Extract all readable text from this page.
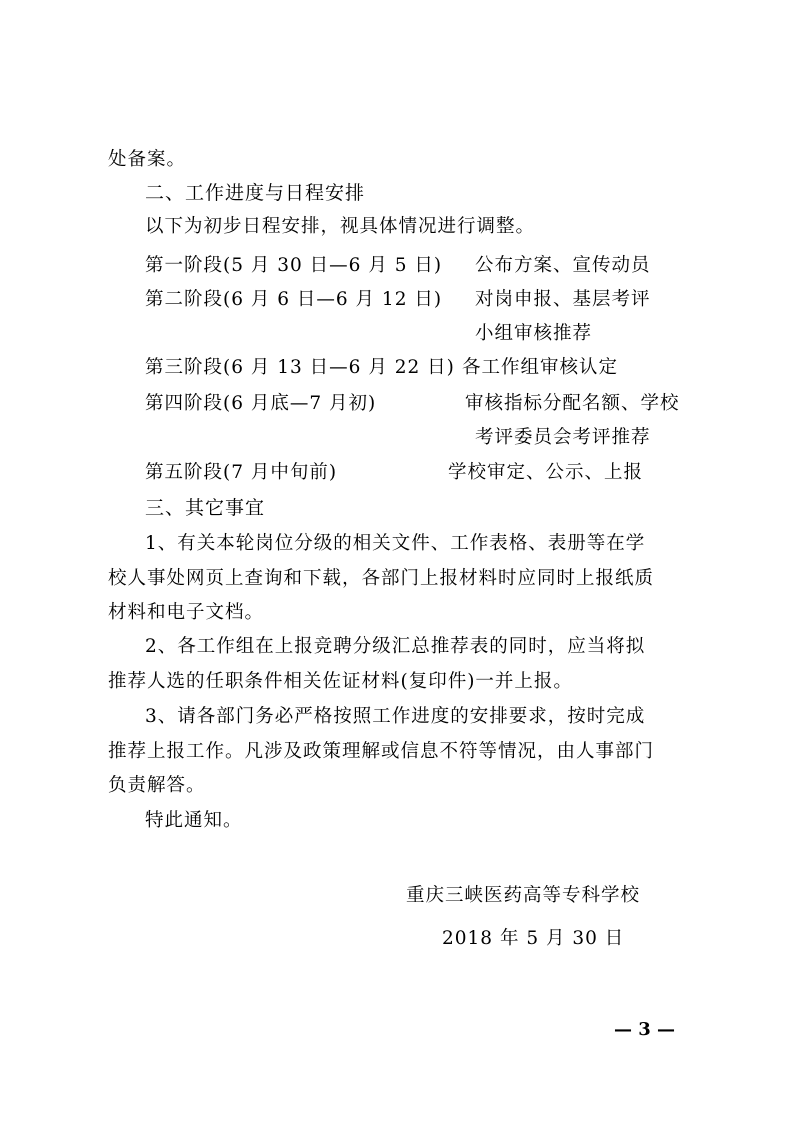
处备案。
二、工作进度与日程安排
以下为初步日程安排，视具体情况进行调整。
第一阶段(5 月 30 日—6 月 5 日) 公布方案、宣传动员
第二阶段(6 月 6 日—6 月 12 日) 对岗申报、基层考评
小组审核推荐
第三阶段(6 月 13 日—6 月 22 日) 各工作组审核认定
第四阶段(6 月底—7 月初)	审核指标分配名额、学校
考评委员会考评推荐
第五阶段(7 月中旬前)	学校审定、公示、上报
三、其它事宜
1、有关本轮岗位分级的相关文件、工作表格、表册等在学
校人事处网页上查询和下载，各部门上报材料时应同时上报纸质
材料和电子文档。
2、各工作组在上报竞聘分级汇总推荐表的同时，应当将拟
推荐人选的任职条件相关佐证材料(复印件)一并上报。
3、请各部门务必严格按照工作进度的安排要求，按时完成
推荐上报工作。凡涉及政策理解或信息不符等情况，由人事部门
负责解答。
特此通知。
重庆三峡医药高等专科学校
2018 年 5 月 30 日
— 3 —
